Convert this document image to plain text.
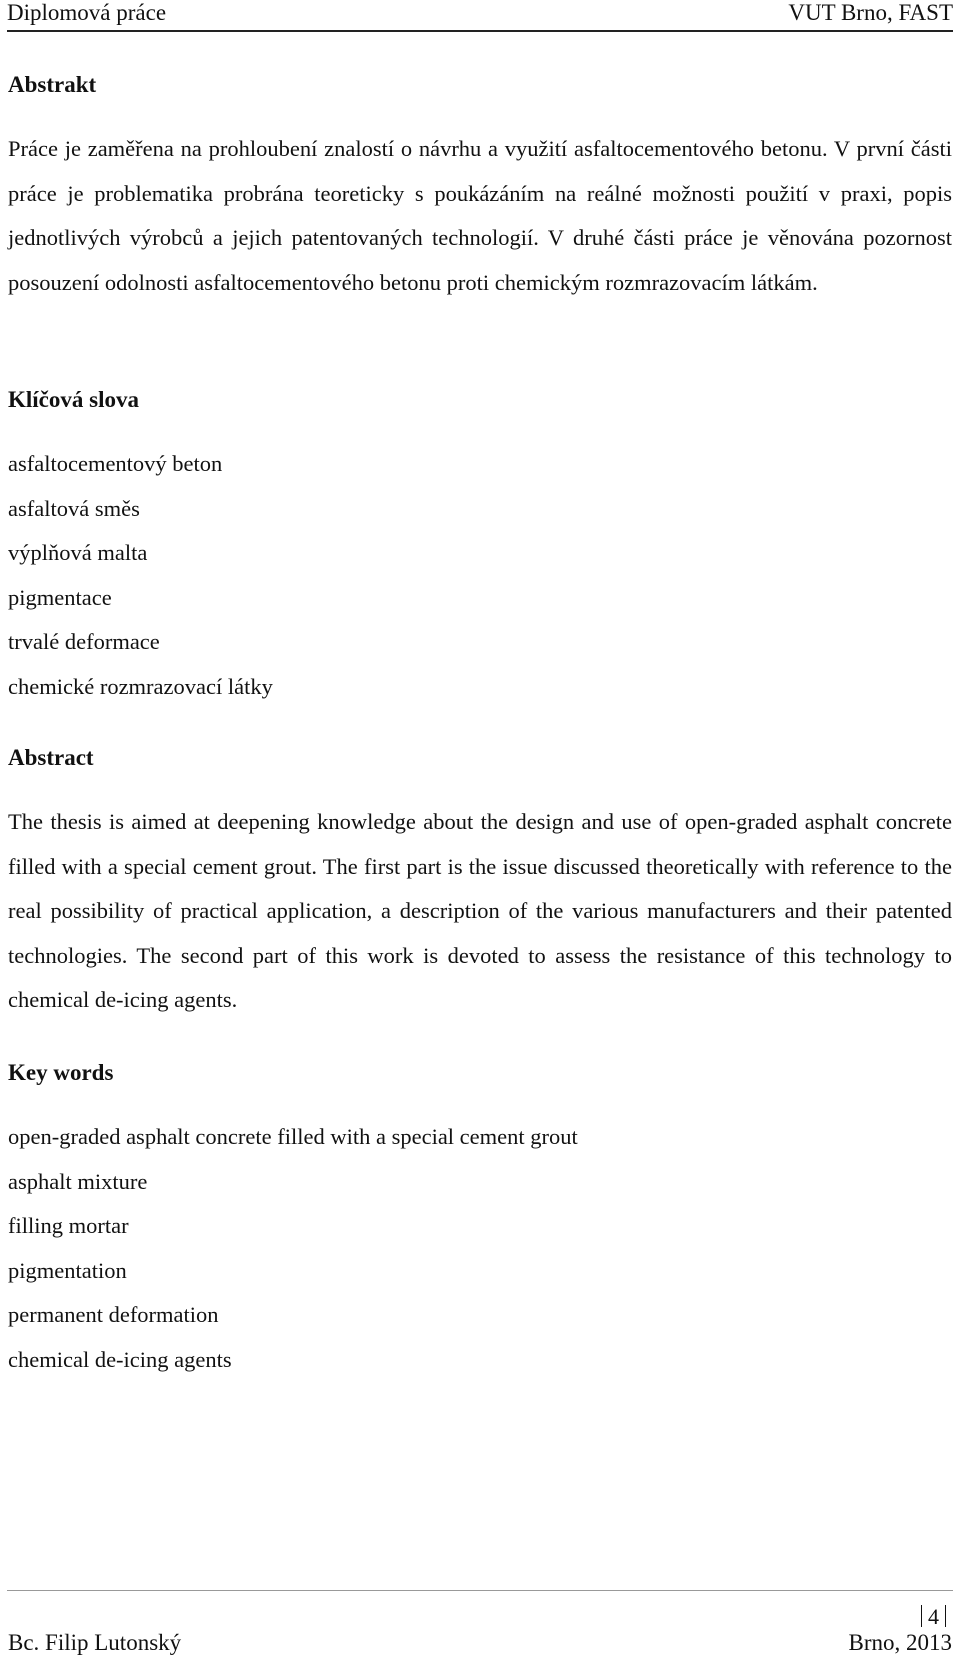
Diplomová práce	VUT Brno, FAST
Abstrakt

Práce je zaměřena na prohloubení znalostí o návrhu a využití asfaltocementového betonu. V první části práce je problematika probrána teoreticky s poukázáním na reálné možnosti použití v praxi, popis jednotlivých výrobců a jejich patentovaných technologií. V druhé části práce je věnována pozornost posouzení odolnosti asfaltocementového betonu proti chemickým rozmrazovacím látkám.

Klíčová slova
asfaltocementový beton
asfaltová směs
výplňová malta
pigmentace
trvalé deformace
chemické rozmrazovací látky
Abstract

The thesis is aimed at deepening knowledge about the design and use of open-graded asphalt concrete filled with a special cement grout. The first part is the issue discussed theoretically with reference to the real possibility of practical application, a description of the various manufacturers and their patented technologies. The second part of this work is devoted to assess the resistance of this technology to chemical de-icing agents.

Key words
open-graded asphalt concrete filled with a special cement grout
asphalt mixture
filling mortar
pigmentation
permanent deformation
chemical de-icing agents
4
Bc. Filip Lutonský	Brno, 2013
